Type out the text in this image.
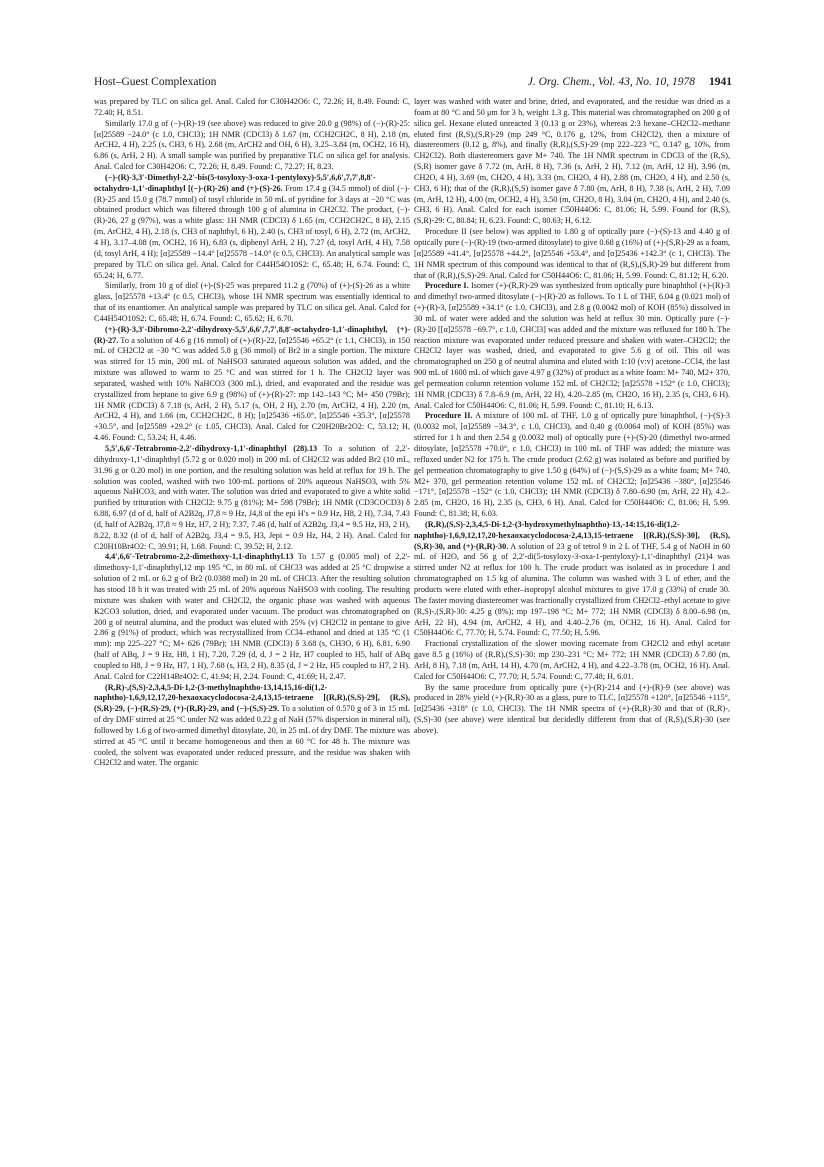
Host–Guest Complexation	J. Org. Chem., Vol. 43, No. 10, 1978 1941

was prepared by TLC on silica gel. Anal. Calcd for C30H42O6: C, 72.26; H, 8.49. Found: C, 72.40; H, 8.51.

Similarly 17.0 g of (−)-(R)-19 (see above) was reduced to give 20.0 g (98%) of (−)-(R)-25: [α]25589 −24.0° (c 1.0, CHCl3); 1H NMR (CDCl3) δ 1.67 (m, CCH2CH2C, 8 H), 2.18 (m, ArCH2, 4 H), 2.25 (s, CH3, 6 H), 2.68 (m, ArCH2 and OH, 6 H), 3.25–3.84 (m, OCH2, 16 H), 6.86 (s, ArH, 2 H). A small sample was purified by preparative TLC on silica gel for analysis. Anal. Calcd for C30H42O6: C, 72.26; H, 8.49. Found: C, 72.27; H, 8.23.

(−)-(R)-3,3′-Dimethyl-2,2′-bis(5-tosyloxy-3-oxa-1-pentyloxy)-5,5′,6,6′,7,7′,8,8′-octahydro-1,1′-dinaphthyl [(−)-(R)-26) and (+)-(S)-26. From 17.4 g (34.5 mmol) of diol (−)-(R)-25 and 15.0 g (78.7 mmol) of tosyl chloride in 50 mL of pyridine for 3 days at −20 °C was obtained product which was filtered through 100 g of alumina in CH2Cl2. The product, (−)-(R)-26, 27 g (97%), was a white glass: 1H NMR (CDCl3) δ 1.65 (m, CCH2CH2C, 8 H), 2.15 (m, ArCH2, 4 H), 2.18 (s, CH3 of naphthyl, 6 H), 2.40 (s, CH3 of tosyl, 6 H), 2.72 (m, ArCH2, 4 H), 3.17–4.08 (m, OCH2, 16 H), 6.83 (s, diphenyl ArH, 2 H), 7.27 (d, tosyl ArH, 4 H), 7.58 (d, tosyl ArH, 4 H); [α]25589 −14.4° [α]25578 −14.0° (c 0.5, CHCl3). An analytical sample was prepared by TLC on silica gel. Anal. Calcd for C44H54O10S2: C, 65.48; H, 6.74. Found: C, 65.24; H, 6.77.

Similarly, from 10 g of diol (+)-(S)-25 was prepared 11.2 g (70%) of (+)-(S)-26 as a white glass, [α]25578 +13.4° (c 0.5, CHCl3), whose 1H NMR spectrum was essentially identical to that of its enantiomer. An analytical sample was prepared by TLC on silica gel. Anal. Calcd for C44H54O10S2: C, 65.48; H, 6.74. Found: C, 65.62; H, 6.70.

(+)-(R)-3,3′-Dibromo-2,2′-dihydroxy-5,5′,6,6′,7,7′,8,8′-octahydro-1,1′-dinaphthyl, (+)-(R)-27. To a solution of 4.6 g (16 mmol) of (+)-(R)-22, [α]25546 +65.2° (c 1.1, CHCl3), in 150 mL of CH2Cl2 at −30 °C was added 5.8 g (36 mmol) of Br2 in a single portion. The mixture was stirred for 15 min, 200 mL of NaHSO3 saturated aqueous solution was added, and the mixture was allowed to warm to 25 °C and was stirred for 1 h. The CH2Cl2 layer was separated, washed with 10% NaHCO3 (300 mL), dried, and evaporated and the residue was crystallized from heptane to give 6.9 g (98%) of (+)-(R)-27: mp 142–143 °C; M+ 450 (79Br); 1H NMR (CDCl3) δ 7.18 (s, ArH, 2 H), 5.17 (s, OH, 2 H), 2.70 (m, ArCH2, 4 H), 2.20 (m, ArCH2, 4 H), and 1.66 (m, CCH2CH2C, 8 H); [α]25436 +65.0°, [α]25546 +35.3°, [α]25578 +30.5°, and [α]25589 +29.2° (c 1.05, CHCl3). Anal. Calcd for C20H20Br2O2: C, 53.12; H, 4.46. Found: C, 53.24; H, 4.46.

5,5′,6,6′-Tetrabromo-2,2′-dihydroxy-1,1′-dinaphthyl (28).13 To a solution of 2,2′-dihydroxy-1,1′-dinaphthyl (5.72 g or 0.020 mol) in 200 mL of CH2Cl2 was added Br2 (10 mL, 31.96 g or 0.20 mol) in one portion, and the resulting solution was held at reflux for 19 h. The solution was cooled, washed with two 100-mL portions of 20% aqueous NaHSO3, with 5% aqueous NaHCO3, and with water. The solution was dried and evaporated to give a white solid purified by trituration with CH2Cl2: 9.75 g (81%); M+ 598 (79Br); 1H NMR (CD3COCD3) δ 6.88, 6.97 (d of d, half of A2B2q, J7,8 ≈ 9 Hz, J4,8 of the epi H′s = 0.9 Hz, H8, 2 H), 7.34, 7.43 (d, half of A2B2q, J7,8 ≈ 9 Hz, H7, 2 H); 7.37, 7.46 (d, half of A2B2q, J3,4 = 9.5 Hz, H3, 2 H), 8.22, 8.32 (d of d, half of A2B2q, J3,4 = 9.5, H3, Jepi = 0.9 Hz, H4, 2 H). Anal. Calcd for C20H10Br4O2: C, 39.91; H, 1.68. Found: C, 39.52; H, 2.12.

4,4′,6,6′-Tetrabromo-2,2-dimethoxy-1,1-dinaphthyl.13 To 1.57 g (0.005 mol) of 2,2′-dimethoxy-1,1′-dinaphthyl,12 mp 195 °C, in 80 mL of CHCl3 was added at 25 °C dropwise a solution of 2 mL or 6.2 g of Br2 (0.0388 mol) in 20 mL of CHCl3. After the resulting solution has stood 18 h it was treated with 25 mL of 20% aqueous NaHSO3 with cooling. The resulting mixture was shaken with water and CH2Cl2, the organic phase was washed with aqueous K2CO3 solution, dried, and evaporated under vacuum. The product was chromatographed on 200 g of neutral alumina, and the product was eluted with 25% (v) CH2Cl2 in pentane to give 2.86 g (91%) of product, which was recrystallized from CCl4–ethanol and dried at 135 °C (1 mm): mp 225–227 °C; M+ 626 (79Br); 1H NMR (CDCl3) δ 3.68 (s, CH3O, 6 H), 6.81, 6.90 (half of ABq, J = 9 Hz, H8, 1 H), 7.20, 7.29 (d, d, J = 2 Hz, H7 coupled to H5, half of ABq coupled to H8, J = 9 Hz, H7, 1 H), 7.68 (s, H3, 2 H), 8.35 (d, J = 2 Hz, H5 coupled to H7, 2 H). Anal. Calcd for C22H14Br4O2: C, 41.94; H, 2.24. Found: C, 41.69; H, 2.47.

(R,R)-,(S,S)-2,3,4,5-Di-1,2-(3-methylnaphtho-13,14,15,16-di(1,2-naphtho)-1,6,9,12,17,20-hexaoxacyclodocosa-2,4,13,15-tetraene [(R,R),(S,S)-29], (R,S),(S,R)-29, (−)-(R,S)-29, (+)-(R,R)-29, and (−)-(S,S)-29. To a solution of 0.570 g of 3 in 15 mL of dry DMF stirred at 25 °C under N2 was added 0.22 g of NaH (57% dispersion in mineral oil), followed by 1.6 g of two-armed dimethyl ditosylate, 20, in 25 mL of dry DMF. The mixture was stirred at 45 °C until it became homogeneous and then at 60 °C for 48 h. The mixture was cooled, the solvent was evaporated under reduced pressure, and the residue was shaken with CH2Cl2 and water. The organic

layer was washed with water and brine, dried, and evaporated, and the residue was dried as a foam at 80 °C and 50 μm for 3 h, weight 1.3 g. This material was chromatographed on 200 g of silica gel. Hexane eluted unreacted 3 (0.13 g or 23%), whereas 2:3 hexane–CH2Cl2–methane eluted first (R,S),(S,R)-29 (mp 249 °C, 0.176 g, 12%, from CH2Cl2), then a mixture of diastereomers (0.12 g, 8%), and finally (R,R),(S,S)-29 (mp 222–223 °C, 0.147 g, 10%, from CH2Cl2). Both diastereomers gave M+ 740. The 1H NMR spectrum in CDCl3 of the (R,S),(S,R) isomer gave δ 7.72 (m, ArH, 8 H), 7.36 (s, ArH, 2 H), 7.12 (m, ArH, 12 H), 3.96 (m, CH2O, 4 H), 3.69 (m, CH2O, 4 H), 3.33 (m, CH2O, 4 H), 2.88 (m, CH2O, 4 H), and 2.50 (s, CH3, 6 H); that of the (R,R),(S,S) isomer gave δ 7.80 (m, ArH, 8 H), 7.38 (s, ArH, 2 H), 7.09 (m, ArH, 12 H), 4.00 (m, OCH2, 4 H), 3.50 (m, CH2O, 8 H), 3.04 (m, CH2O, 4 H), and 2.40 (s, CH3, 6 H). Anal. Calcd for each isomer C50H44O6: C, 81.06; H, 5.99. Found for (R,S),(S,R)-29: C, 80.84; H, 6.23. Found: C, 80.63; H, 6.12.

Procedure II (see below) was applied to 1.80 g of optically pure (−)-(S)-13 and 4.40 g of optically pure (−)-(R)-19 (two-armed ditosylate) to give 0.68 g (16%) of (+)-(S,R)-29 as a foam, [α]25589 +41.4°, [α]25578 +44.2°, [α]25546 +53.4°, and [α]25436 +142.3° (c 1, CHCl3). The 1H NMR spectrum of this compound was identical to that of (R,S),(S,R)-29 but different from that of (R,R),(S,S)-29. Anal. Calcd for C50H44O6: C, 81.06; H, 5.99. Found: C, 81.12; H, 6.20.

Procedure I. Isomer (+)-(R,R)-29 was synthesized from optically pure binaphthol (+)-(R)-3 and dimethyl two-armed ditosylate (−)-(R)-20 as follows. To 1 L of THF, 6.04 g (0.021 mol) of (+)-(R)-3, [α]25589 +34.1° (c 1.0, CHCl3), and 2.8 g (0.0042 mol) of KOH (85%) dissolved in 30 mL of water were added and the solution was held at reflux 30 min. Optically pure (−)-(R)-20 [[α]25578 −69.7°, c 1.0, CHCl3] was added and the mixture was refluxed for 180 h. The reaction mixture was evaporated under reduced pressure and shaken with water–CH2Cl2; the CH2Cl2 layer was washed, dried, and evaporated to give 5.6 g of oil. This oil was chromatographed on 250 g of neutral alumina and eluted with 1:10 (v:v) acetone–CCl4, the last 900 mL of 1600 mL of which gave 4.97 g (32%) of product as a white foam: M+ 740, M2+ 370, gel permeation column retention volume 152 mL of CH2Cl2; [α]25578 +152° (c 1.0, CHCl3); 1H NMR (CDCl3) δ 7.8–6.9 (m, ArH, 22 H), 4.20–2.85 (m, CH2O, 16 H), 2.35 (s, CH3, 6 H). Anal. Calcd for C50H44O6: C, 81.06; H, 5.99. Found: C, 81.10; H, 6.13.

Procedure II. A mixture of 100 mL of THF, 1.0 g of optically pure binaphthol, (−)-(S)-3 (0.0032 mol, [α]25589 −34.3°, c 1.0, CHCl3), and 0.40 g (0.0064 mol) of KOH (85%) was stirred for 1 h and then 2.54 g (0.0032 mol) of optically pure (+)-(S)-20 (dimethyl two-armed ditosylate, [α]25578 +70.0°, c 1.0, CHCl3) in 100 mL of THF was added; the mixture was refluxed under N2 for 175 h. The crude product (2.62 g) was isolated as before and purified by gel permeation chromatography to give 1.50 g (64%) of (−)-(S,S)-29 as a white foam; M+ 740, M2+ 370, gel permeation retention volume 152 mL of CH2Cl2; [α]25436 −380°, [α]25546 −171°, [α]25578 −152° (c 1.0, CHCl3); 1H NMR (CDCl3) δ 7.80–6.90 (m, ArH, 22 H), 4.2–2.85 (m, CH2O, 16 H), 2.35 (s, CH3, 6 H). Anal. Calcd for C50H44O6: C, 81.06; H, 5.99. Found: C, 81.38; H, 6.03.

(R,R),(S,S)-2,3,4,5-Di-1,2-(3-hydroxymethylnaphtho)-13,-14:15,16-di(1,2-naphtho)-1,6,9,12,17,20-hexaoxacyclodocosa-2,4,13,15-tetraene [(R,R),(S,S)-30], (R,S),(S,R)-30, and (+)-(R,R)-30. A solution of 23 g of tetrol 9 in 2 L of THF, 5.4 g of NaOH in 60 mL of H2O, and 56 g of 2,2′-di(5-tosyloxy-3-oxa-1-pentyloxy)-1,1′-dinaphthyl (21)4 was stirred under N2 at reflux for 100 h. The crude product was isolated as in procedure I and chromatographed on 1.5 kg of alumina. The column was washed with 3 L of ether, and the products were eluted with ether–isopropyl alcohol mixtures to give 17.0 g (33%) of crude 30. The faster moving diastereomer was fractionally crystallized from CH2Cl2–ethyl acetate to give (R,S)-,(S,R)-30: 4.25 g (8%); mp 197–198 °C; M+ 772; 1H NMR (CDCl3) δ 8.00–6.98 (m, ArH, 22 H), 4.94 (m, ArCH2, 4 H), and 4.40–2.76 (m, OCH2, 16 H). Anal. Calcd for C50H44O6: C, 77.70; H, 5.74. Found: C, 77.50; H, 5.96.

Fractional crystallization of the slower moving racemate from CH2Cl2 and ethyl acetate gave 8.5 g (16%) of (R,R),(S,S)-30: mp 230–231 °C; M+ 772; 1H NMR (CDCl3) δ 7.80 (m, ArH, 8 H), 7.18 (m, ArH, 14 H), 4.70 (m, ArCH2, 4 H), and 4.22–3.78 (m, OCH2, 16 H). Anal. Calcd for C50H44O6: C, 77.70; H, 5.74. Found: C, 77.48; H, 6.01.

By the same procedure from optically pure (+)-(R)-214 and (+)-(R)-9 (see above) was produced in 28% yield (+)-(R,R)-30 as a glass, pure to TLC, [α]25578 +120°, [α]25546 +115°, [α]25436 +318° (c 1.0, CHCl3). The 1H NMR spectra of (+)-(R,R)-30 and that of (R,R)-,(S,S)-30 (see above) were identical but decidedly different from that of (R,S),(S,R)-30 (see above).
